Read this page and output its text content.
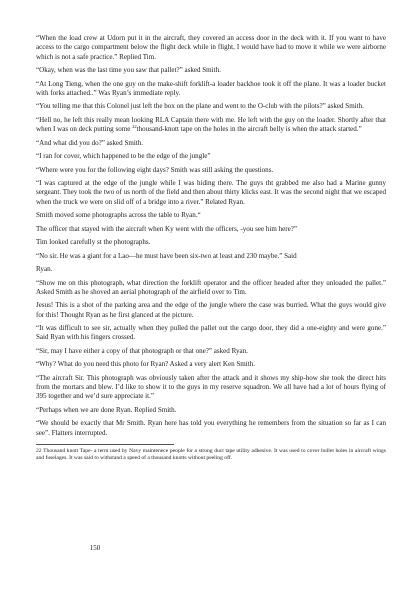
“When the load crew at Udorn put it in the aircraft, they covered an access door in the deck with it. If you want to have access to the cargo compartment below the flight deck while in flight, I would have had to move it while we were airborne which is not a safe practice.” Replied Tim.

“Okay, when was the last time you saw that pallet?” asked Smith.

“At Long Tieng, when the one guy on the make-shift forklift-a loader backhoe took it off the plane. It was a loader bucket with forks attached..” Was Ryan’s immediate reply.

“You telling me that this Colonel just left the box on the plane and went to the O-club with the pilots?” asked Smith.

“Hell no, he left this really mean looking RLA Captain there with me. He left with the guy on the loader. Shortly after that when I was on deck putting some $^{22}$thousand-knott tape on the holes in the aircraft belly is when the attack started.”

“And what did you do?” asked Smith.

“I ran for cover, which happened to be the edge of the jungle”

“Where were you for the following eight days? Smith was still asking the questions.

“I was captured at the edge of the jungle while I was hiding there. The guys tht grabbed me also had a Marine gunny sergeant. They took the two of us north of the field and then about thirty klicks east. It was the second night that we escaped when the truck we were on slid off of a bridge into a river.” Related Ryan.

Smith moved some photographs across the table to Ryan.“

The officer that stayed with the aircraft when Ky went with the officers, -you see him here?”

Tim looked carefully st the photographs.

“No sir. He was a giant for a Lao—he must have been six-two at least and 230 maybe.” Said

Ryan.

“Show me on this photograph, what direction the forklift operator and the officer headed after they unloaded the pallet.” Asked Smith as he shoved an aerial photograph of the airfield over to Tim.

Jesus! This is a shot of the parking area and the edge of the jungle where the case was burried. What the guys would give for this! Thought Ryan as he first glanced at the picture.

“It was difficult to see sir, actually when they pulled the pallet out the cargo door, they did a one-eighty and were gone.” Said Ryan with his fingers crossed.

“Sir, may I have either a copy of that photograph or that one?” asked Ryan.

“Why? What do you need this photo for Ryan? Asked a very alert Ken Smith.

“The aircraft Sir. This photograph was obviously taken after the attack and it shows my ship-how she took the direct hits from the mortars and blew. I’d like to show it to the guys in my reserve squadron. We all have had a lot of hours flying of 395 together and we’d sure appreciate it.”

“Perhaps when we are done Ryan. Replied Smith.

“We should be exactly that Mr Smith. Ryan here has told you everything he remembers from the situation so far as I can see”. Flatters interrupted.

22 Thousand knott Tape- a term used by Navy maintenece people for a strong duct tape utility adhesive. It was used to cover bullet holes in aircraft wings and fuselages. It was said to withstand a speed of a thousand knotts without peeling off.

150
